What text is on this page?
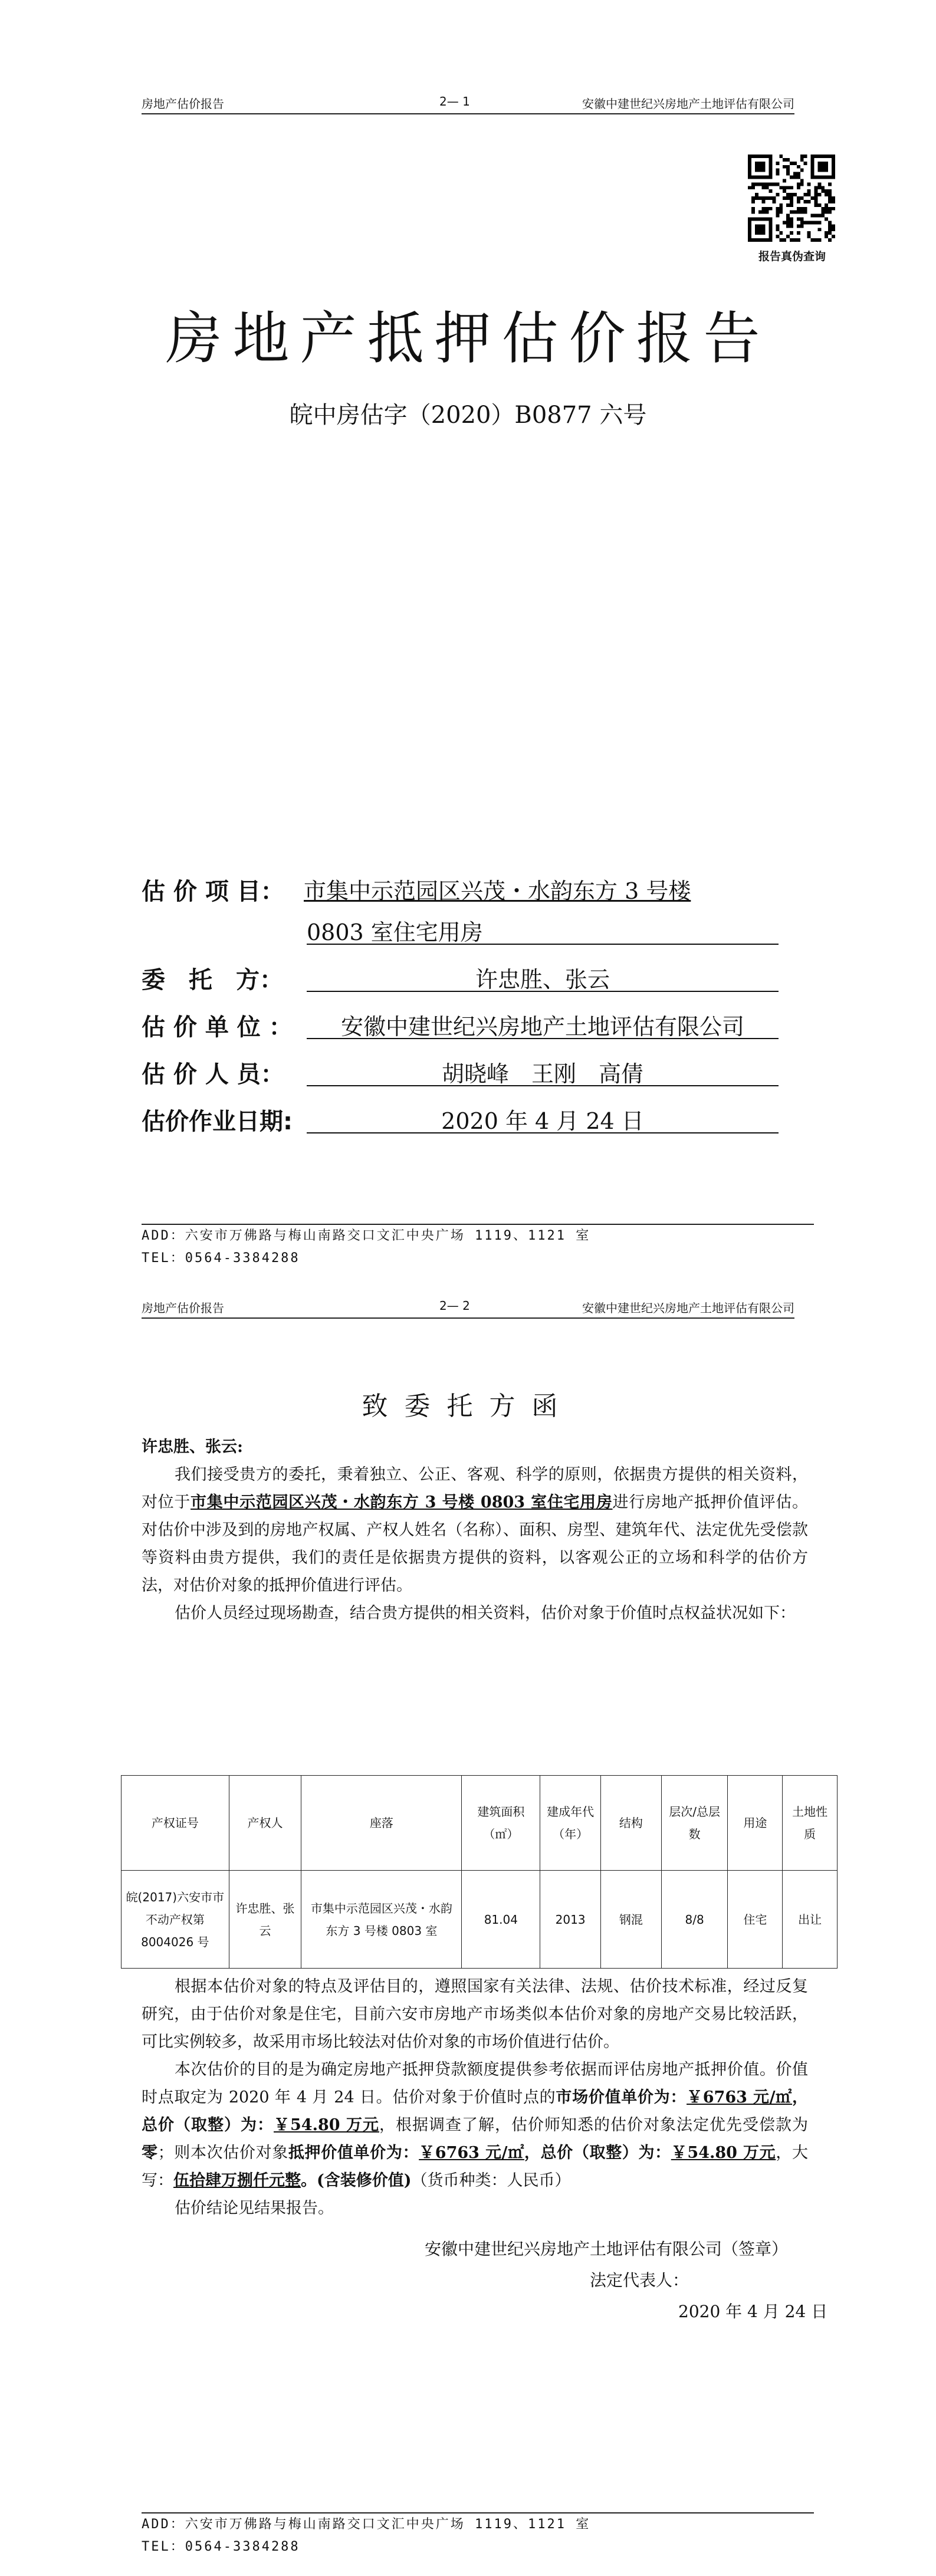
房地产估价报告	2— 1	安徽中建世纪兴房地产土地评估有限公司
报告真伪查询
房地产抵押估价报告
皖中房估字（2020）B0877 六号
估 价 项 目： 市集中示范园区兴茂・水韵东方 3 号楼
0803 室住宅用房
委　托　方：	许忠胜、张云
估 价 单 位 ：	安徽中建世纪兴房地产土地评估有限公司
估 价 人 员：	胡晓峰　王刚　高倩
估价作业日期:	2020 年 4 月 24 日
ADD：六安市万佛路与梅山南路交口文汇中央广场 1119、1121 室
TEL：0564-3384288
房地产估价报告	2— 2	安徽中建世纪兴房地产土地评估有限公司
致委托方函

许忠胜、张云:

我们接受贵方的委托，秉着独立、公正、客观、科学的原则，依据贵方提供的相关资料，对位于市集中示范园区兴茂・水韵东方 3 号楼 0803 室住宅用房进行房地产抵押价值评估。对估价中涉及到的房地产权属、产权人姓名（名称）、面积、房型、建筑年代、法定优先受偿款等资料由贵方提供，我们的责任是依据贵方提供的资料，以客观公正的立场和科学的估价方法，对估价对象的抵押价值进行评估。

估价人员经过现场勘查，结合贵方提供的相关资料，估价对象于价值时点权益状况如下：

产权证号	产权人	座落	建筑面积（㎡）	建成年代（年）	结构	层次/总层数	用途	土地性质
皖(2017)六安市市不动产权第 8004026 号	许忠胜、张云	市集中示范园区兴茂・水韵东方 3 号楼 0803 室	81.04	2013	钢混	8/8	住宅	出让

根据本估价对象的特点及评估目的，遵照国家有关法律、法规、估价技术标准，经过反复研究，由于估价对象是住宅，目前六安市房地产市场类似本估价对象的房地产交易比较活跃，可比实例较多，故采用市场比较法对估价对象的市场价值进行估价。

本次估价的目的是为确定房地产抵押贷款额度提供参考依据而评估房地产抵押价值。价值时点取定为 2020 年 4 月 24 日。估价对象于价值时点的市场价值单价为：￥6763 元/㎡，总价（取整）为：￥54.80 万元，根据调查了解，估价师知悉的估价对象法定优先受偿款为零；则本次估价对象抵押价值单价为：￥6763 元/㎡，总价（取整）为：￥54.80 万元，大写：伍拾肆万捌仟元整。(含装修价值)（货币种类：人民币）

估价结论见结果报告。

安徽中建世纪兴房地产土地评估有限公司（签章）
法定代表人：
2020 年 4 月 24 日
ADD：六安市万佛路与梅山南路交口文汇中央广场 1119、1121 室
TEL：0564-3384288
